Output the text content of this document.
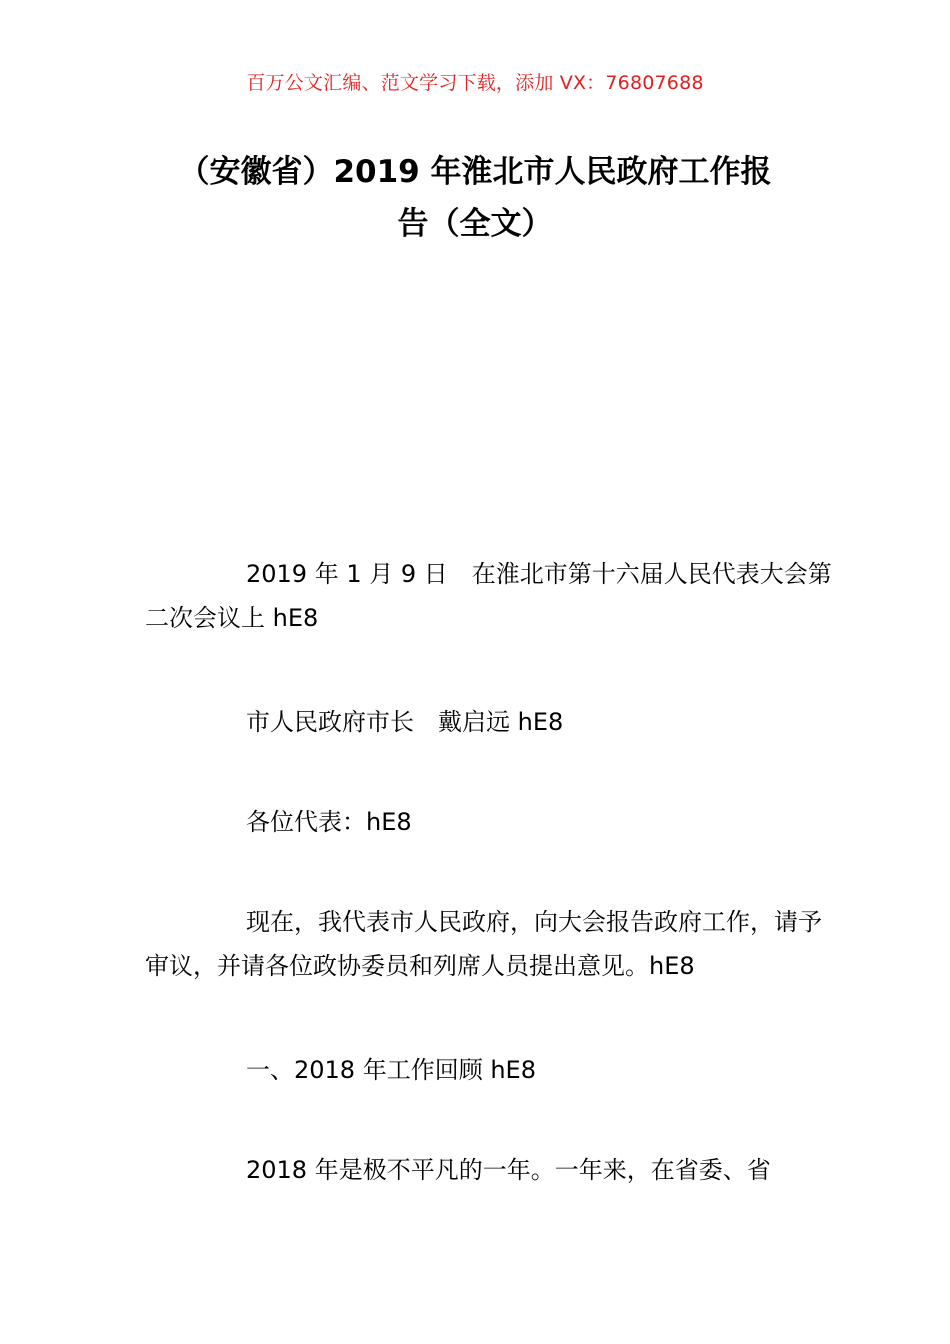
百万公文汇编、范文学习下载，添加 VX：76807688
（安徽省）2019 年淮北市人民政府工作报
告（全文）

2019 年 1 月 9 日　在淮北市第十六届人民代表大会第二次会议上 hE8

市人民政府市长　戴启远 hE8

各位代表：hE8

现在，我代表市人民政府，向大会报告政府工作，请予审议，并请各位政协委员和列席人员提出意见。hE8

一、2018 年工作回顾 hE8

2018 年是极不平凡的一年。一年来，在省委、省
